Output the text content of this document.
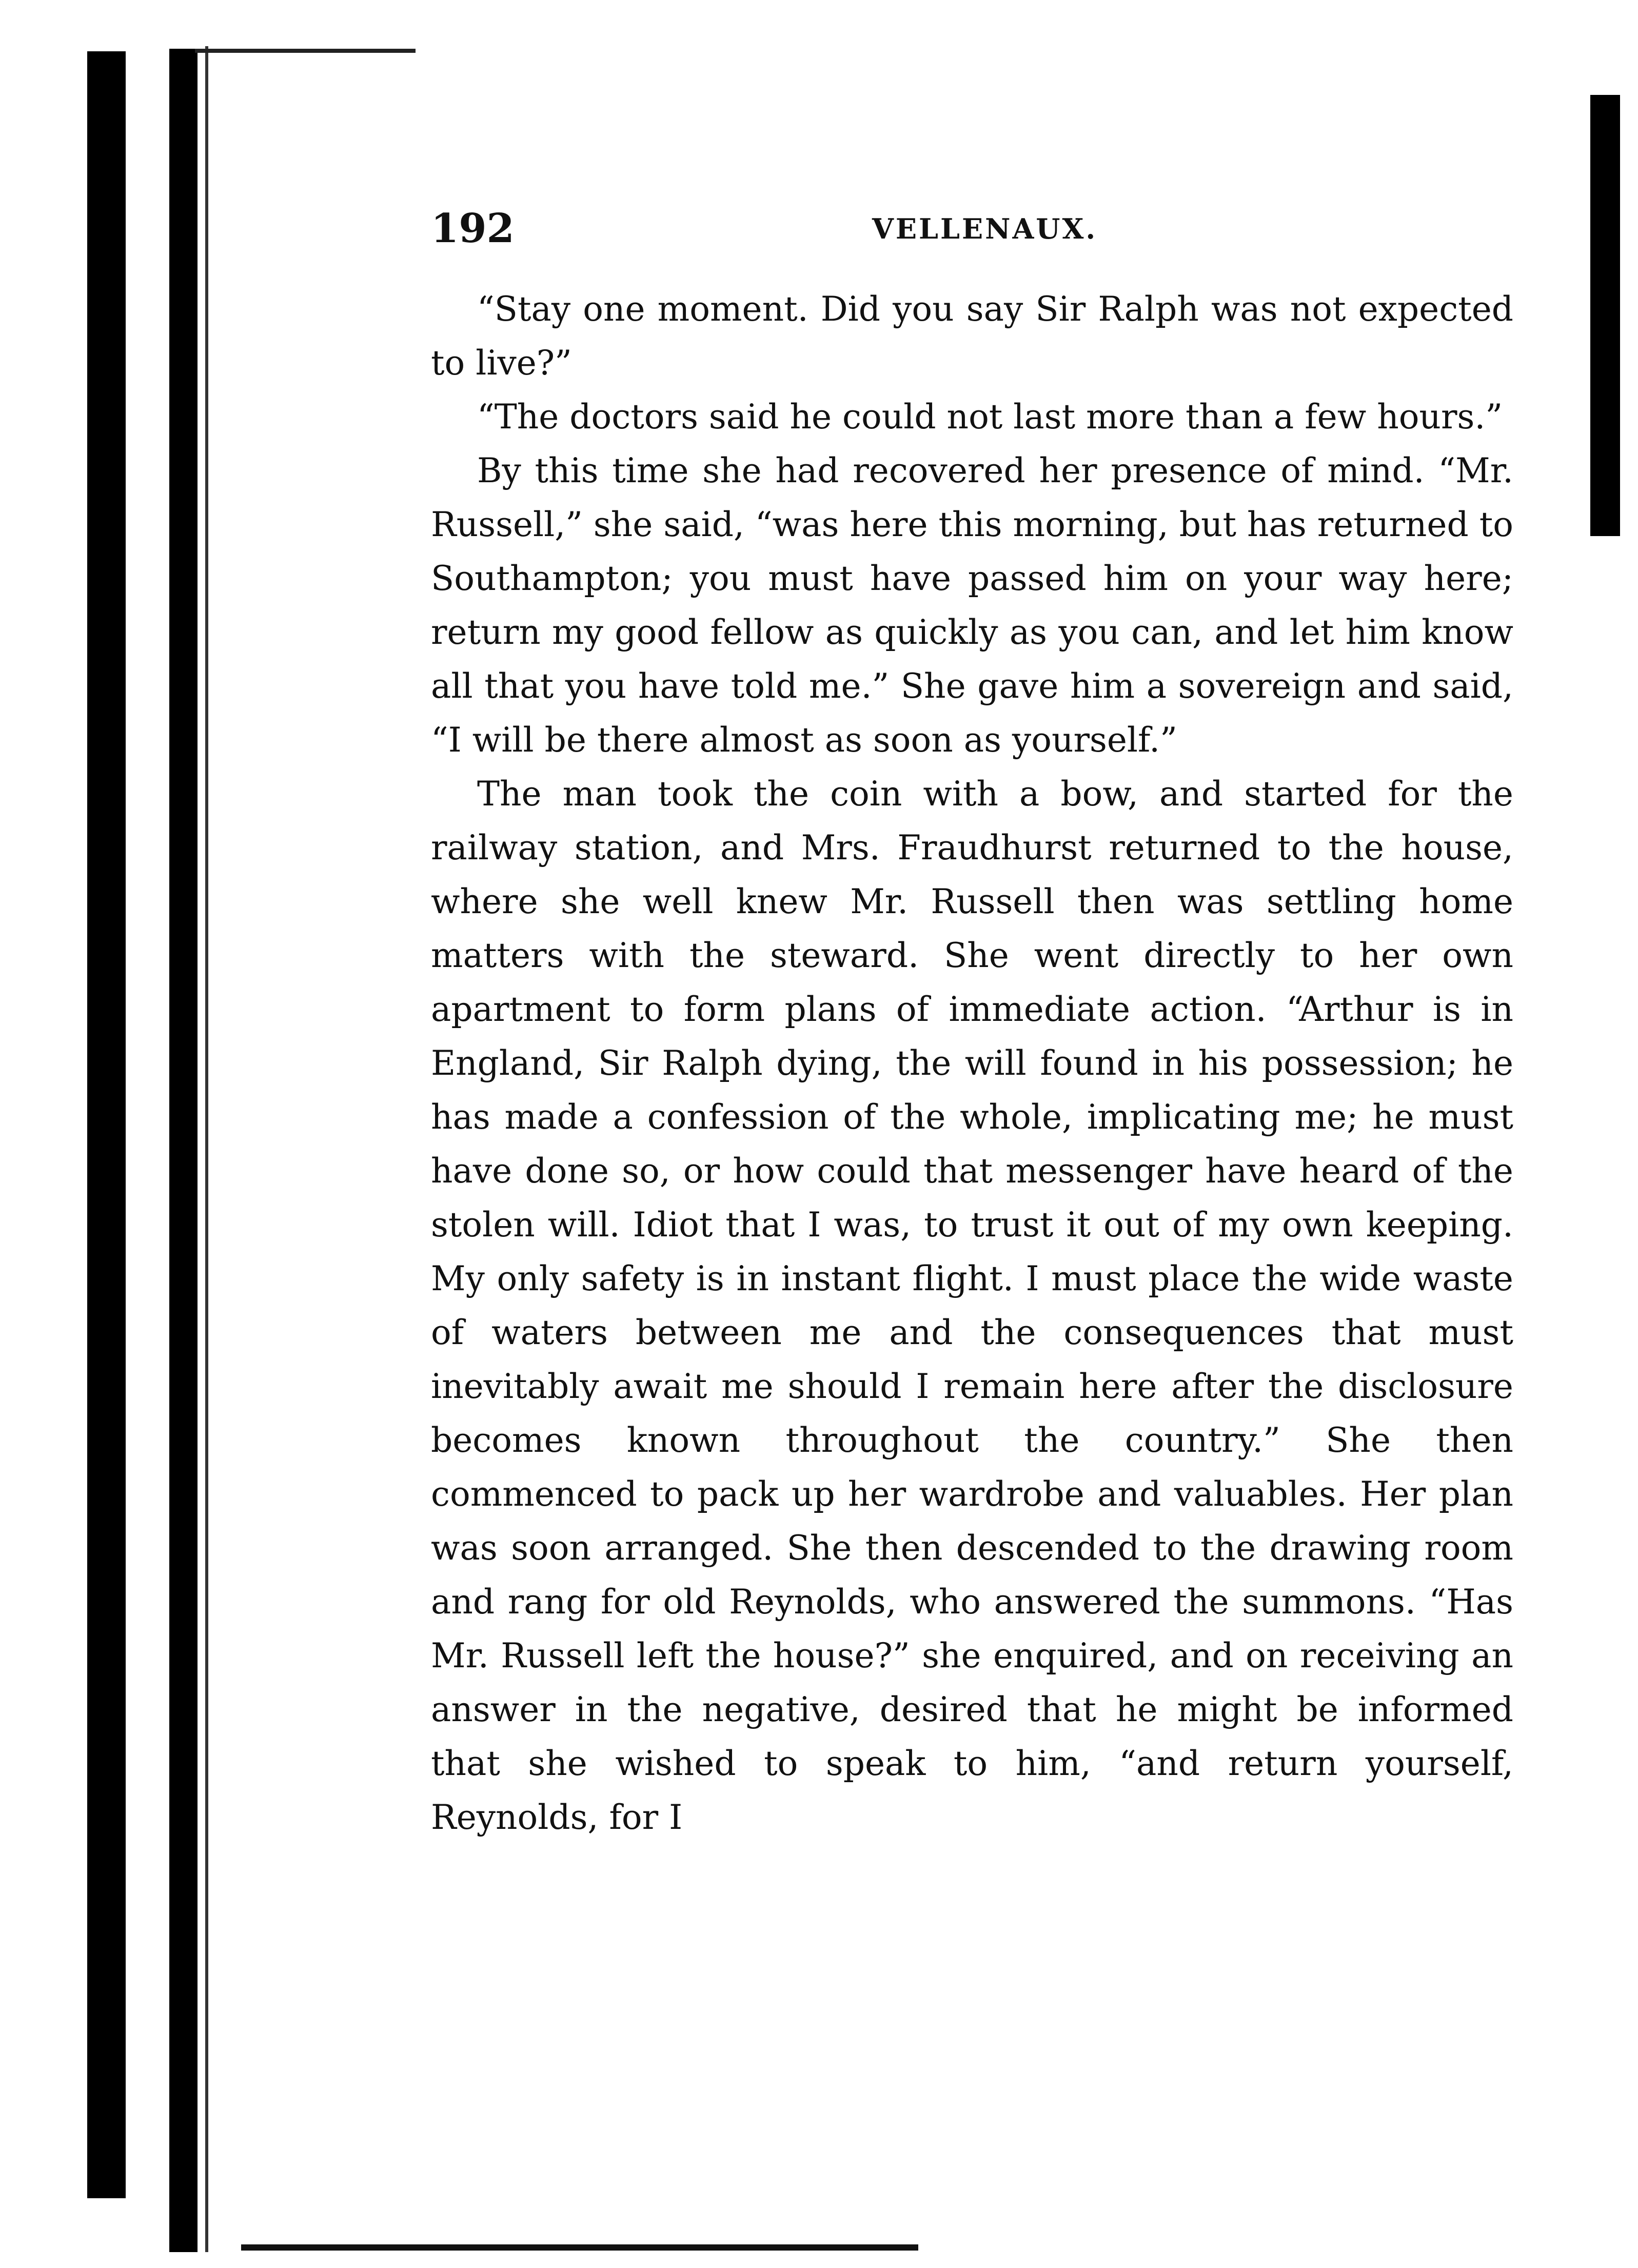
192	VELLENAUX.

“Stay one moment. Did you say Sir Ralph was not expected to live?”

“The doctors said he could not last more than a few hours.”

By this time she had recovered her presence of mind. “Mr. Russell,” she said, “was here this morning, but has returned to Southampton; you must have passed him on your way here; return my good fellow as quickly as you can, and let him know all that you have told me.” She gave him a sovereign and said, “I will be there almost as soon as yourself.”

The man took the coin with a bow, and started for the railway station, and Mrs. Fraudhurst returned to the house, where she well knew Mr. Russell then was settling home matters with the steward. She went directly to her own apartment to form plans of immediate action. “Arthur is in England, Sir Ralph dying, the will found in his possession; he has made a confession of the whole, implicating me; he must have done so, or how could that messenger have heard of the stolen will. Idiot that I was, to trust it out of my own keeping. My only safety is in instant flight. I must place the wide waste of waters between me and the consequences that must inevitably await me should I remain here after the disclosure becomes known throughout the country.” She then commenced to pack up her wardrobe and valuables. Her plan was soon arranged. She then descended to the drawing room and rang for old Reynolds, who answered the summons. “Has Mr. Russell left the house?” she enquired, and on receiving an answer in the negative, desired that he might be informed that she wished to speak to him, “and return yourself, Reynolds, for I
